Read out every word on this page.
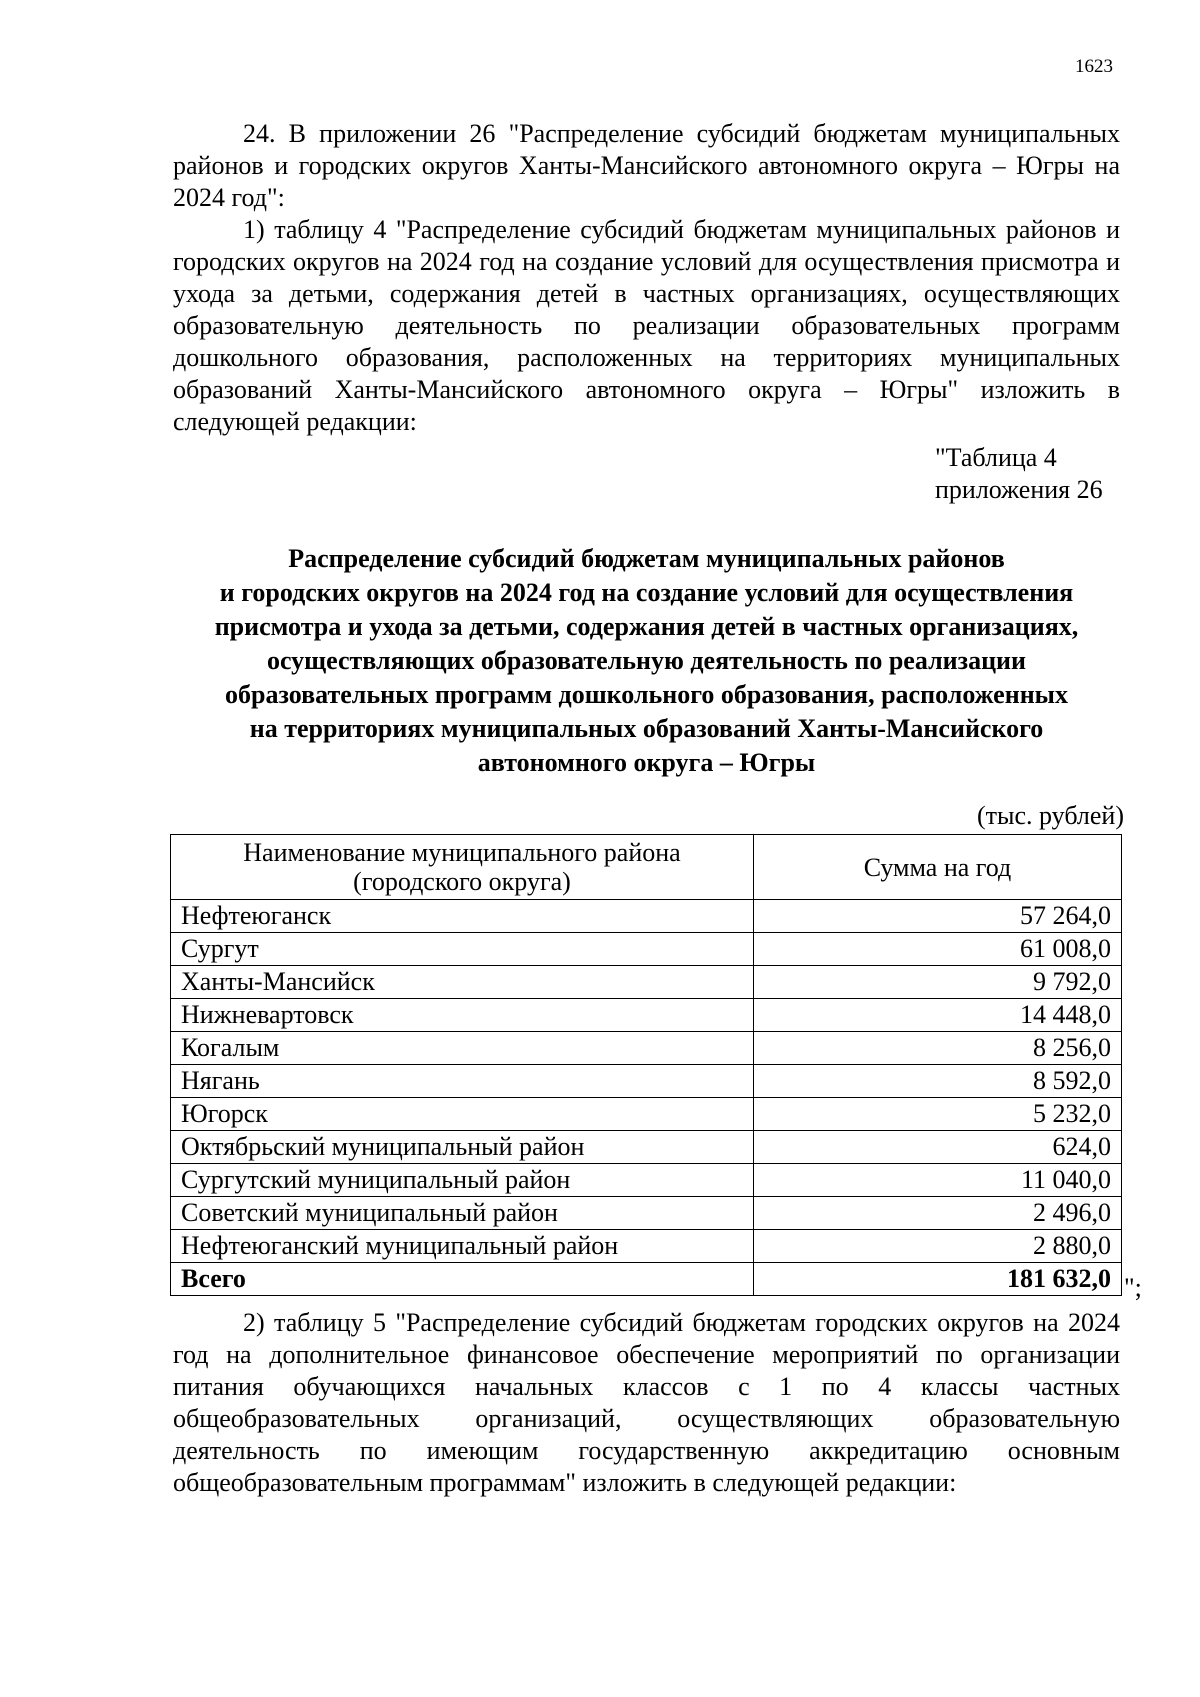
1623
24. В приложении 26 "Распределение субсидий бюджетам муниципальных районов и городских округов Ханты-Мансийского автономного округа – Югры на 2024 год":
1) таблицу 4 "Распределение субсидий бюджетам муниципальных районов и городских округов на 2024 год на создание условий для осуществления присмотра и ухода за детьми, содержания детей в частных организациях, осуществляющих образовательную деятельность по реализации образовательных программ дошкольного образования, расположенных на территориях муниципальных образований Ханты-Мансийского автономного округа – Югры" изложить в следующей редакции:
"Таблица 4
приложения 26
Распределение субсидий бюджетам муниципальных районов
и городских округов на 2024 год на создание условий для осуществления
присмотра и ухода за детьми, содержания детей в частных организациях,
осуществляющих образовательную деятельность по реализации
образовательных программ дошкольного образования, расположенных
на территориях муниципальных образований Ханты-Мансийского
автономного округа – Югры
(тыс. рублей)
Наименование муниципального района (городского округа)	Сумма на год
Нефтеюганск	57 264,0
Сургут	61 008,0
Ханты-Мансийск	9 792,0
Нижневартовск	14 448,0
Когалым	8 256,0
Нягань	8 592,0
Югорск	5 232,0
Октябрьский муниципальный район	624,0
Сургутский муниципальный район	11 040,0
Советский муниципальный район	2 496,0
Нефтеюганский муниципальный район	2 880,0
Всего	181 632,0 ";
2) таблицу 5 "Распределение субсидий бюджетам городских округов на 2024 год на дополнительное финансовое обеспечение мероприятий по организации питания обучающихся начальных классов с 1 по 4 классы частных общеобразовательных организаций, осуществляющих образовательную деятельность по имеющим государственную аккредитацию основным общеобразовательным программам" изложить в следующей редакции:
